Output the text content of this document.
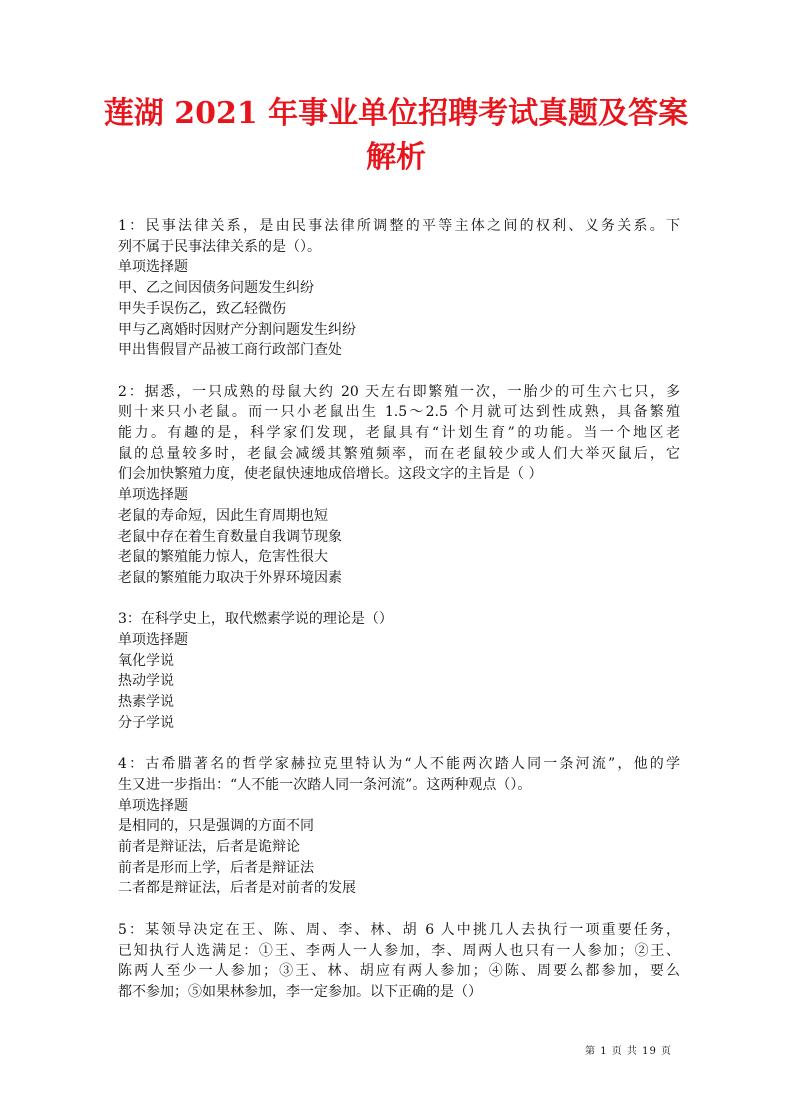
莲湖 2021 年事业单位招聘考试真题及答案
解析
1：民事法律关系，是由民事法律所调整的平等主体之间的权利、义务关系。下
列不属于民事法律关系的是（）。
单项选择题
甲、乙之间因债务问题发生纠纷
甲失手误伤乙，致乙轻微伤
甲与乙离婚时因财产分割问题发生纠纷
甲出售假冒产品被工商行政部门查处
2：据悉，一只成熟的母鼠大约 20 天左右即繁殖一次，一胎少的可生六七只，多
则十来只小老鼠。而一只小老鼠出生 1.5～2.5 个月就可达到性成熟，具备繁殖
能力。有趣的是，科学家们发现，老鼠具有“计划生育”的功能。当一个地区老
鼠的总量较多时，老鼠会减缓其繁殖频率，而在老鼠较少或人们大举灭鼠后，它
们会加快繁殖力度，使老鼠快速地成倍增长。这段文字的主旨是（ ）
单项选择题
老鼠的寿命短，因此生育周期也短
老鼠中存在着生育数量自我调节现象
老鼠的繁殖能力惊人，危害性很大
老鼠的繁殖能力取决于外界环境因素
3：在科学史上，取代燃素学说的理论是（）
单项选择题
氧化学说
热动学说
热素学说
分子学说
4：古希腊著名的哲学家赫拉克里特认为“人不能两次踏人同一条河流”，他的学
生又进一步指出：“人不能一次踏人同一条河流”。这两种观点（）。
单项选择题
是相同的，只是强调的方面不同
前者是辩证法，后者是诡辩论
前者是形而上学，后者是辩证法
二者都是辩证法，后者是对前者的发展
5：某领导决定在王、陈、周、李、林、胡 6 人中挑几人去执行一项重要任务，
已知执行人选满足：①王、李两人一人参加，李、周两人也只有一人参加；②王、
陈两人至少一人参加；③王、林、胡应有两人参加；④陈、周要么都参加，要么
都不参加；⑤如果林参加，李一定参加。以下正确的是（）
第 1 页 共 19 页
